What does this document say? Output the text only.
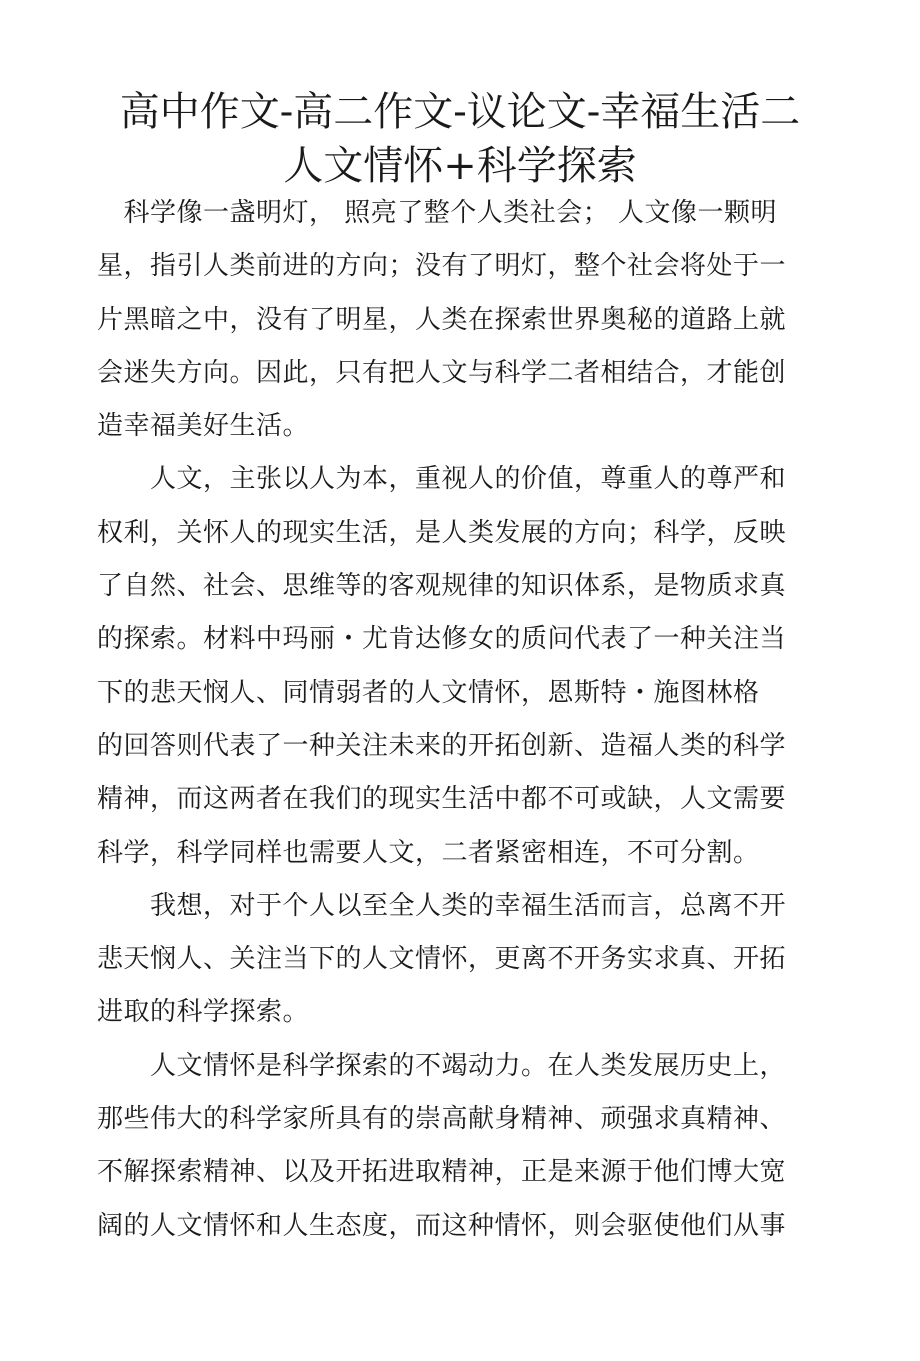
高中作文-高二作文-议论文-幸福生活二
人文情怀+科学探索
　科学像一盏明灯， 照亮了整个人类社会； 人文像一颗明
星，指引人类前进的方向；没有了明灯，整个社会将处于一
片黑暗之中，没有了明星，人类在探索世界奥秘的道路上就
会迷失方向。因此，只有把人文与科学二者相结合，才能创
造幸福美好生活。
　　人文，主张以人为本，重视人的价值，尊重人的尊严和
权利，关怀人的现实生活，是人类发展的方向；科学，反映
了自然、社会、思维等的客观规律的知识体系，是物质求真
的探索。材料中玛丽・尤肯达修女的质问代表了一种关注当
下的悲天悯人、同情弱者的人文情怀，恩斯特・施图林格
的回答则代表了一种关注未来的开拓创新、造福人类的科学
精神，而这两者在我们的现实生活中都不可或缺，人文需要
科学，科学同样也需要人文，二者紧密相连，不可分割。
　　我想，对于个人以至全人类的幸福生活而言，总离不开
悲天悯人、关注当下的人文情怀，更离不开务实求真、开拓
进取的科学探索。
　　人文情怀是科学探索的不竭动力。在人类发展历史上，
那些伟大的科学家所具有的崇高献身精神、顽强求真精神、
不解探索精神、以及开拓进取精神，正是来源于他们博大宽
阔的人文情怀和人生态度，而这种情怀，则会驱使他们从事
